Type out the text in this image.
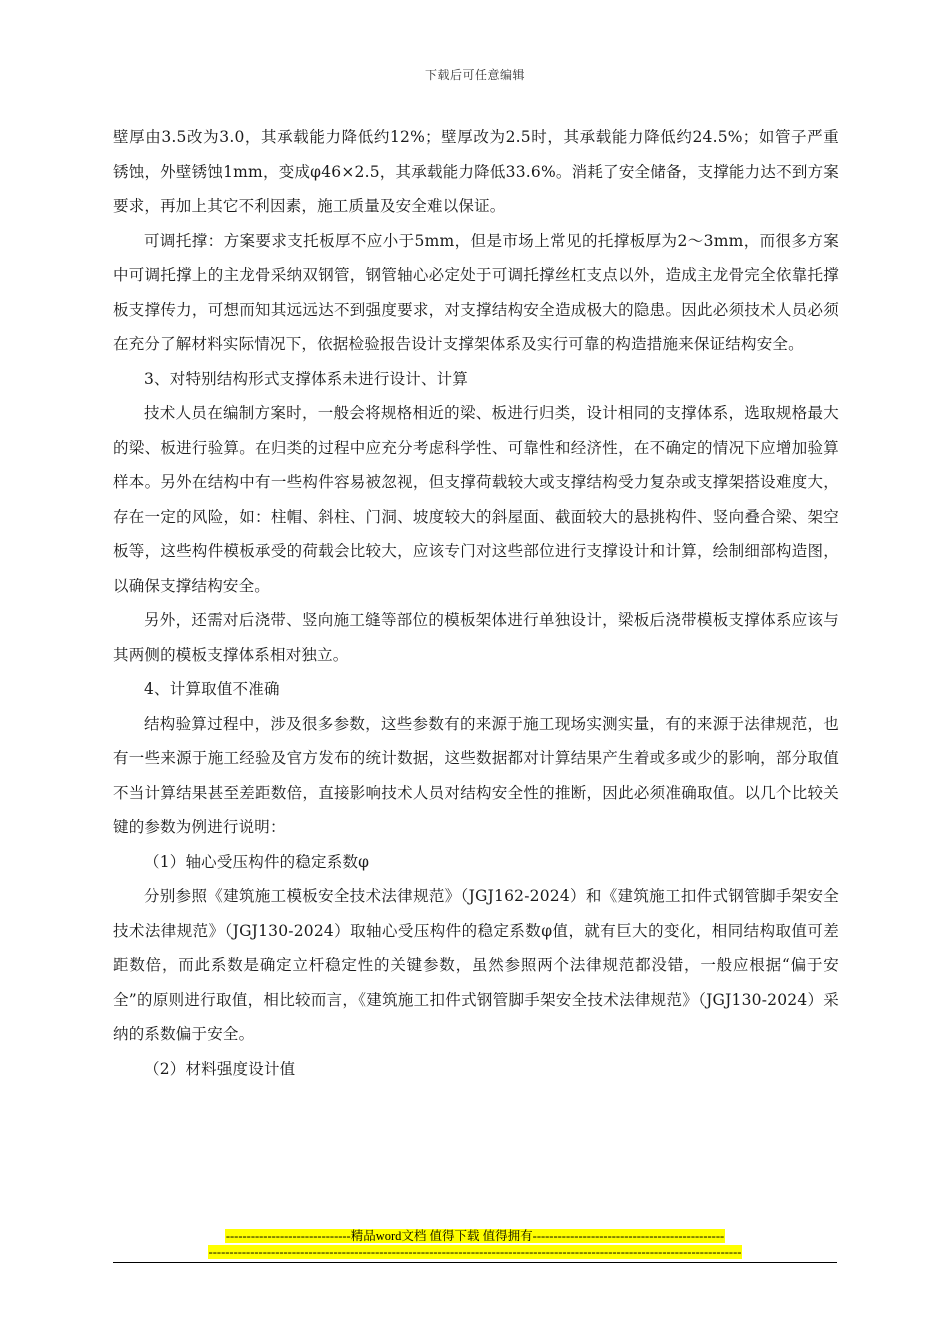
下载后可任意编辑

壁厚由3.5改为3.0，其承载能力降低约12%；壁厚改为2.5时，其承载能力降低约24.5%；如管子严重锈蚀，外壁锈蚀1mm，变成φ46×2.5，其承载能力降低33.6%。消耗了安全储备，支撑能力达不到方案要求，再加上其它不利因素，施工质量及安全难以保证。

可调托撑：方案要求支托板厚不应小于5mm，但是市场上常见的托撑板厚为2～3mm，而很多方案中可调托撑上的主龙骨采纳双钢管，钢管轴心必定处于可调托撑丝杠支点以外，造成主龙骨完全依靠托撑板支撑传力，可想而知其远远达不到强度要求，对支撑结构安全造成极大的隐患。因此必须技术人员必须在充分了解材料实际情况下，依据检验报告设计支撑架体系及实行可靠的构造措施来保证结构安全。

3、对特别结构形式支撑体系未进行设计、计算

技术人员在编制方案时，一般会将规格相近的梁、板进行归类，设计相同的支撑体系，选取规格最大的梁、板进行验算。在归类的过程中应充分考虑科学性、可靠性和经济性，在不确定的情况下应增加验算样本。另外在结构中有一些构件容易被忽视，但支撑荷载较大或支撑结构受力复杂或支撑架搭设难度大，存在一定的风险，如：柱帽、斜柱、门洞、坡度较大的斜屋面、截面较大的悬挑构件、竖向叠合梁、架空板等，这些构件模板承受的荷载会比较大，应该专门对这些部位进行支撑设计和计算，绘制细部构造图，以确保支撑结构安全。

另外，还需对后浇带、竖向施工缝等部位的模板架体进行单独设计，梁板后浇带模板支撑体系应该与其两侧的模板支撑体系相对独立。

4、计算取值不准确

结构验算过程中，涉及很多参数，这些参数有的来源于施工现场实测实量，有的来源于法律规范，也有一些来源于施工经验及官方发布的统计数据，这些数据都对计算结果产生着或多或少的影响，部分取值不当计算结果甚至差距数倍，直接影响技术人员对结构安全性的推断，因此必须准确取值。以几个比较关键的参数为例进行说明：

（1）轴心受压构件的稳定系数φ

分别参照《建筑施工模板安全技术法律规范》（JGJ162-2024）和《建筑施工扣件式钢管脚手架安全技术法律规范》（JGJ130-2024）取轴心受压构件的稳定系数φ值，就有巨大的变化，相同结构取值可差距数倍，而此系数是确定立杆稳定性的关键参数，虽然参照两个法律规范都没错，一般应根据“偏于安全”的原则进行取值，相比较而言，《建筑施工扣件式钢管脚手架安全技术法律规范》（JGJ130-2024）采纳的系数偏于安全。

（2）材料强度设计值

------------------------------精品word文档 值得下载 值得拥有----------------------------------------------
--------------------------------------------------------------------------------------------------------------------------------
